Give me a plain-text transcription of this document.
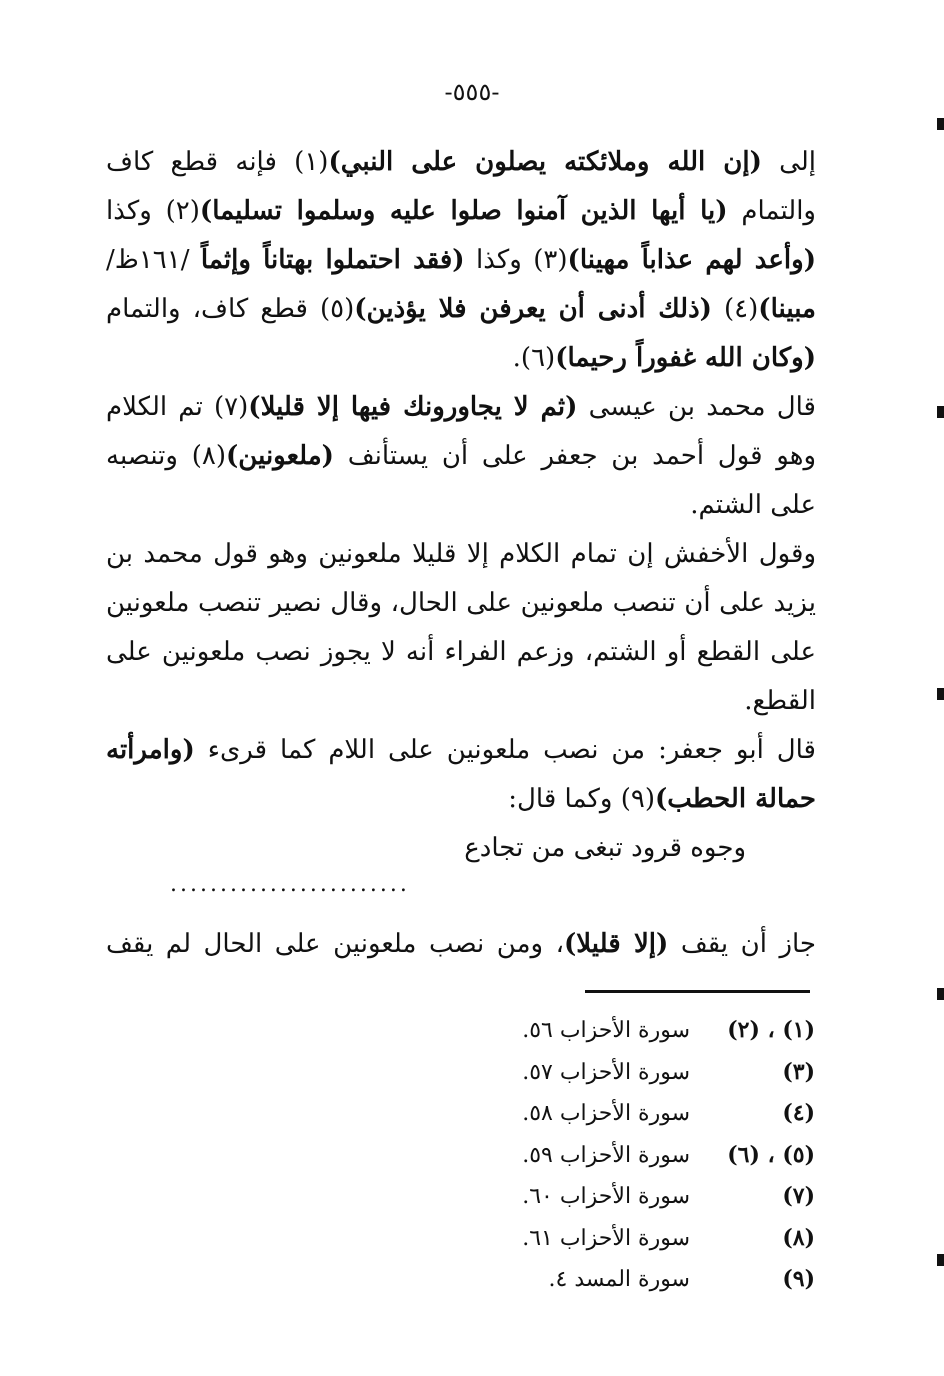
-٥٥٥-

إلى (إن الله وملائكته يصلون على النبي)(١) فإنه قطع كاف والتمام (يا أيها الذين آمنوا صلوا عليه وسلموا تسليما)(٢) وكذا (وأعد لهم عذاباً مهينا)(٣) وكذا (فقد احتملوا بهتاناً وإثماً /١٦١ظ/ مبينا)(٤) (ذلك أدنى أن يعرفن فلا يؤذين)(٥) قطع كاف، والتمام (وكان الله غفوراً رحيما)(٦).

قال محمد بن عيسى (ثم لا يجاورونك فيها إلا قليلا)(٧) تم الكلام وهو قول أحمد بن جعفر على أن يستأنف (ملعونين)(٨) وتنصبه على الشتم.

وقول الأخفش إن تمام الكلام إلا قليلا ملعونين وهو قول محمد بن يزيد على أن تنصب ملعونين على الحال، وقال نصير تنصب ملعونين على القطع أو الشتم، وزعم الفراء أنه لا يجوز نصب ملعونين على القطع.

قال أبو جعفر: من نصب ملعونين على اللام كما قرىء (وامرأته حمالة الحطب)(٩) وكما قال:

وجوه قرود تبغى من تجادع

........................
جاز أن يقف (إلا قليلا)، ومن نصب ملعونين على الحال لم يقف
(١) ، (٢)
سورة الأحزاب ٥٦.
(٣)
سورة الأحزاب ٥٧.
(٤)
سورة الأحزاب ٥٨.
(٥) ، (٦)
سورة الأحزاب ٥٩.
(٧)
سورة الأحزاب ٦٠.
(٨)
سورة الأحزاب ٦١.
(٩)
سورة المسد ٤.
